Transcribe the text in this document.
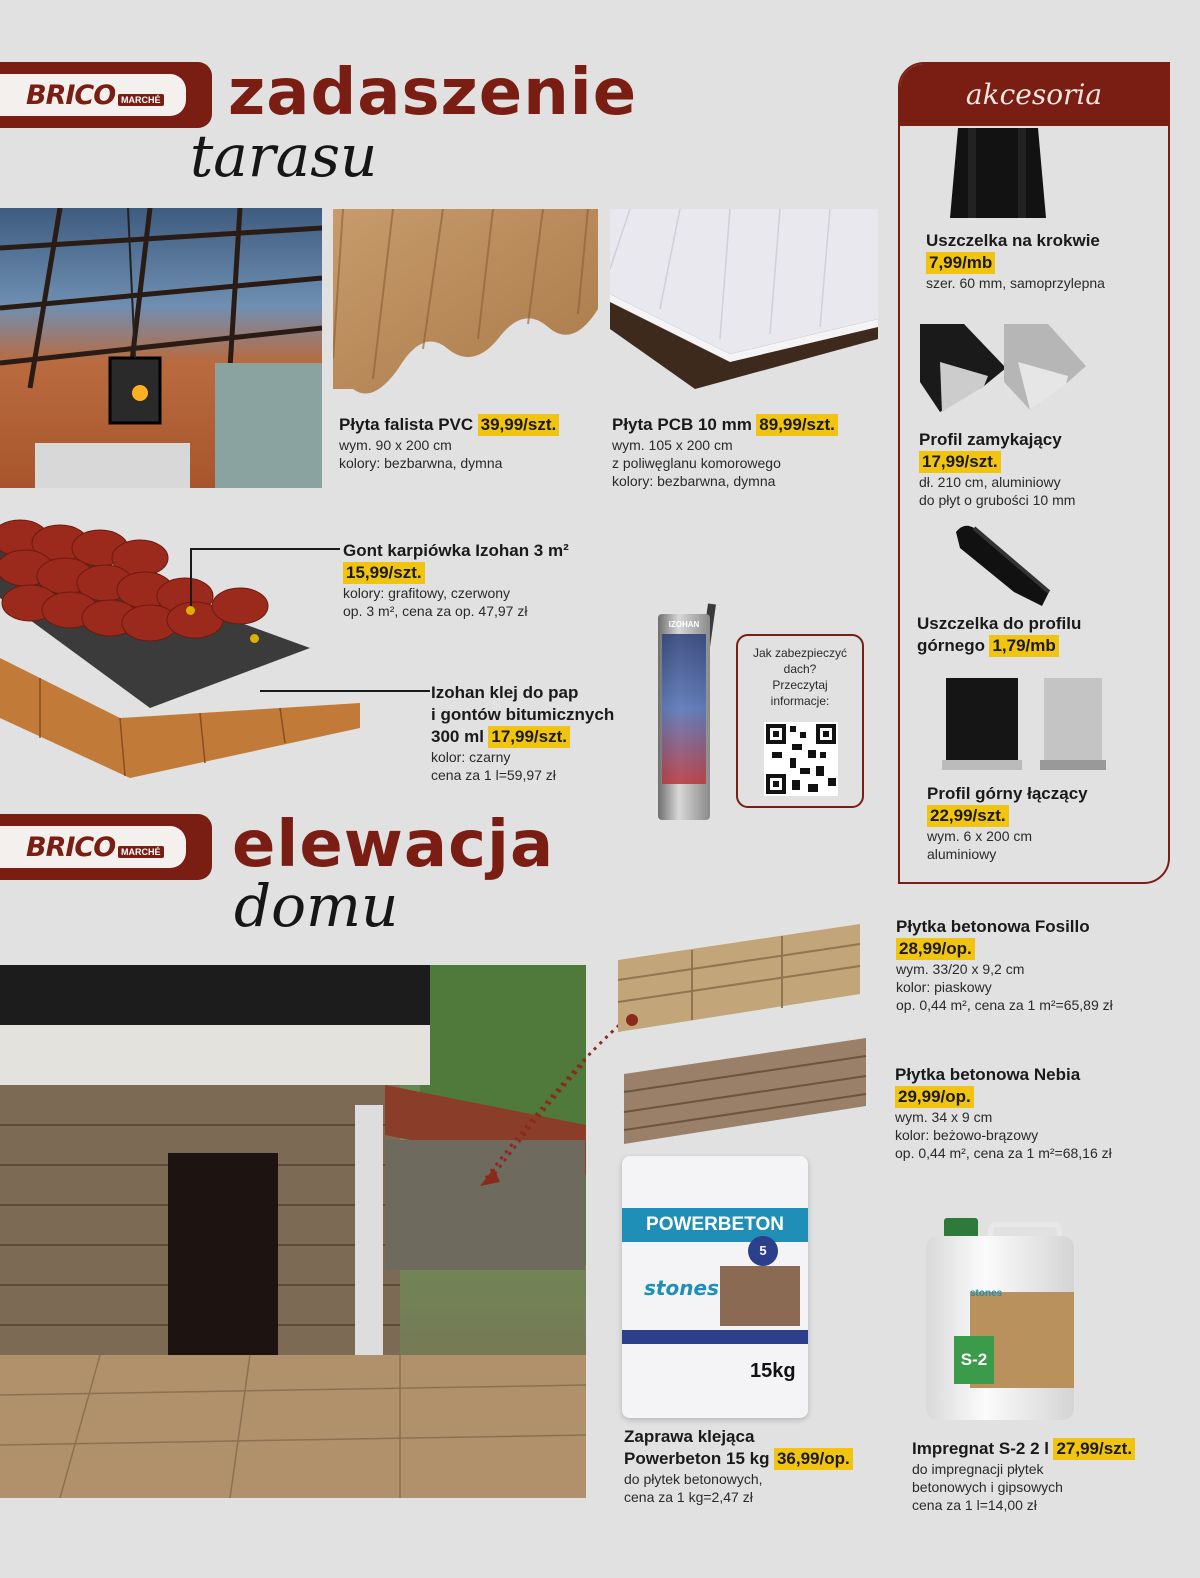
BRICO MARCHÉ zadaszenie
tarasu
Płyta falista PVC 39,99/szt.
wym. 90 x 200 cm
kolory: bezbarwna, dymna
Płyta PCB 10 mm 89,99/szt.
wym. 105 x 200 cm
z poliwęglanu komorowego
kolory: bezbarwna, dymna
Gont karpiówka Izohan 3 m²
15,99/szt.
kolory: grafitowy, czerwony
op. 3 m², cena za op. 47,97 zł
Izohan klej do pap
i gontów bitumicznych
300 ml 17,99/szt.
kolor: czarny
cena za 1 l=59,97 zł
IZOHAN
Jak zabezpieczyć
dach?
Przeczytaj
informacje:
akcesoria
Uszczelka na krokwie
7,99/mb
szer. 60 mm, samoprzylepna
Profil zamykający
17,99/szt.
dł. 210 cm, aluminiowy
do płyt o grubości 10 mm
Uszczelka do profilu
górnego 1,79/mb
Profil górny łączący
22,99/szt.
wym. 6 x 200 cm
aluminiowy
BRICO MARCHÉ elewacja
domu	Płytka betonowa Fosillo
28,99/op.
wym. 33/20 x 9,2 cm
kolor: piaskowy
op. 0,44 m², cena za 1 m²=65,89 zł
Płytka betonowa Nebia
29,99/op.
wym. 34 x 9 cm
kolor: beżowo-brązowy
op. 0,44 m², cena za 1 m²=68,16 zł
POWERBETON
stones
5
15kg
Zaprawa klejąca
Powerbeton 15 kg 36,99/op.
do płytek betonowych,
cena za 1 kg=2,47 zł
stones
S-2
Impregnat S-2 2 l 27,99/szt.
do impregnacji płytek
betonowych i gipsowych
cena za 1 l=14,00 zł
